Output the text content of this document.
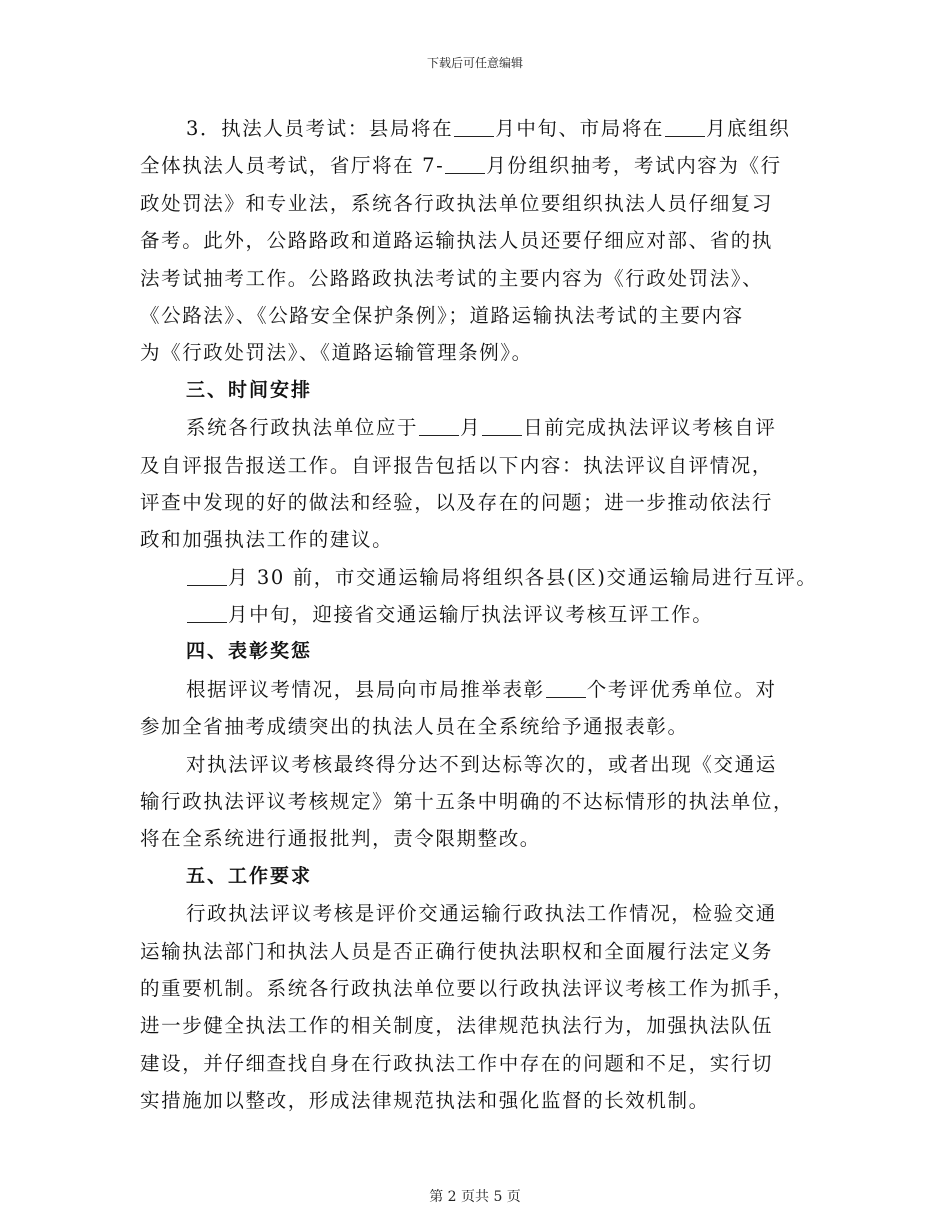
下载后可任意编辑
3．执法人员考试：县局将在 月中旬、市局将在 月底组织
全体执法人员考试，省厅将在 7- 月份组织抽考，考试内容为《行
政处罚法》和专业法，系统各行政执法单位要组织执法人员仔细复习
备考。此外，公路路政和道路运输执法人员还要仔细应对部、省的执
法考试抽考工作。公路路政执法考试的主要内容为《行政处罚法》、
《公路法》、《公路安全保护条例》；道路运输执法考试的主要内容
为《行政处罚法》、《道路运输管理条例》。
三、时间安排
系统各行政执法单位应于 月 日前完成执法评议考核自评
及自评报告报送工作。自评报告包括以下内容：执法评议自评情况，
评查中发现的好的做法和经验，以及存在的问题；进一步推动依法行
政和加强执法工作的建议。
月 30 前，市交通运输局将组织各县(区)交通运输局进行互评。
月中旬，迎接省交通运输厅执法评议考核互评工作。
四、表彰奖惩
根据评议考情况，县局向市局推举表彰 个考评优秀单位。对
参加全省抽考成绩突出的执法人员在全系统给予通报表彰。
对执法评议考核最终得分达不到达标等次的，或者出现《交通运
输行政执法评议考核规定》第十五条中明确的不达标情形的执法单位，
将在全系统进行通报批判，责令限期整改。
五、工作要求
行政执法评议考核是评价交通运输行政执法工作情况，检验交通
运输执法部门和执法人员是否正确行使执法职权和全面履行法定义务
的重要机制。系统各行政执法单位要以行政执法评议考核工作为抓手，
进一步健全执法工作的相关制度，法律规范执法行为，加强执法队伍
建设，并仔细查找自身在行政执法工作中存在的问题和不足，实行切
实措施加以整改，形成法律规范执法和强化监督的长效机制。
第 2 页共 5 页
